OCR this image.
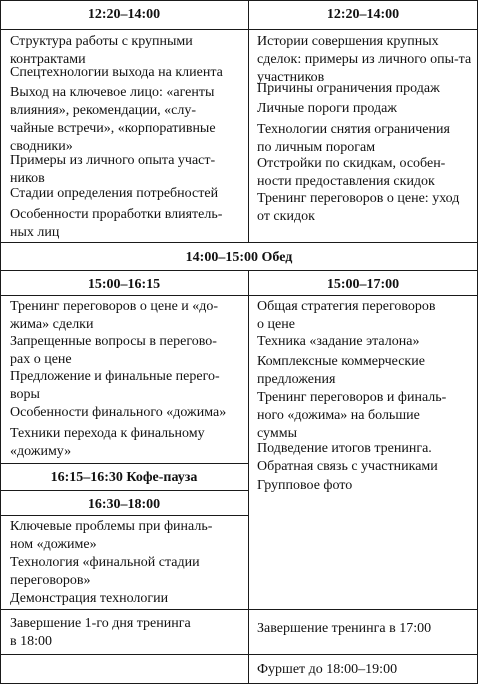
12:20–14:00	12:20–14:00
14:00–15:00 Обед
15:00–16:15	15:00–17:00
16:15–16:30 Кофе-пауза
16:30–18:00
Структура работы с крупными
контрактами
Спецтехнологии выхода на клиента
Выход на ключевое лицо: «агенты
влияния», рекомендации, «слу-
чайные встречи», «корпоративные
сводники»
Примеры из личного опыта участ-
ников
Стадии определения потребностей
Особенности проработки влиятель-
ных лиц
Истории совершения крупных
сделок: примеры из личного опы-та
участников
Причины ограничения продаж
Личные пороги продаж
Технологии снятия ограничения
по личным порогам
Отстройки по скидкам, особен-
ности предоставления скидок
Тренинг переговоров о цене: уход
от скидок
Тренинг переговоров о цене и «до-
жима» сделки
Запрещенные вопросы в перегово-
рах о цене
Предложение и финальные перего-
воры
Особенности финального «дожима»
Техники перехода к финальному
«дожиму»
Общая стратегия переговоров
о цене
Техника «задание эталона»
Комплексные коммерческие
предложения
Тренинг переговоров и финаль-
ного «дожима» на большие
суммы
Подведение итогов тренинга.
Обратная связь с участниками
Групповое фото
Ключевые проблемы при финаль-
ном «дожиме»
Технология «финальной стадии
переговоров»
Демонстрация технологии
Завершение 1-го дня тренинга
в 18:00
Завершение тренинга в 17:00
Фуршет до 18:00–19:00
